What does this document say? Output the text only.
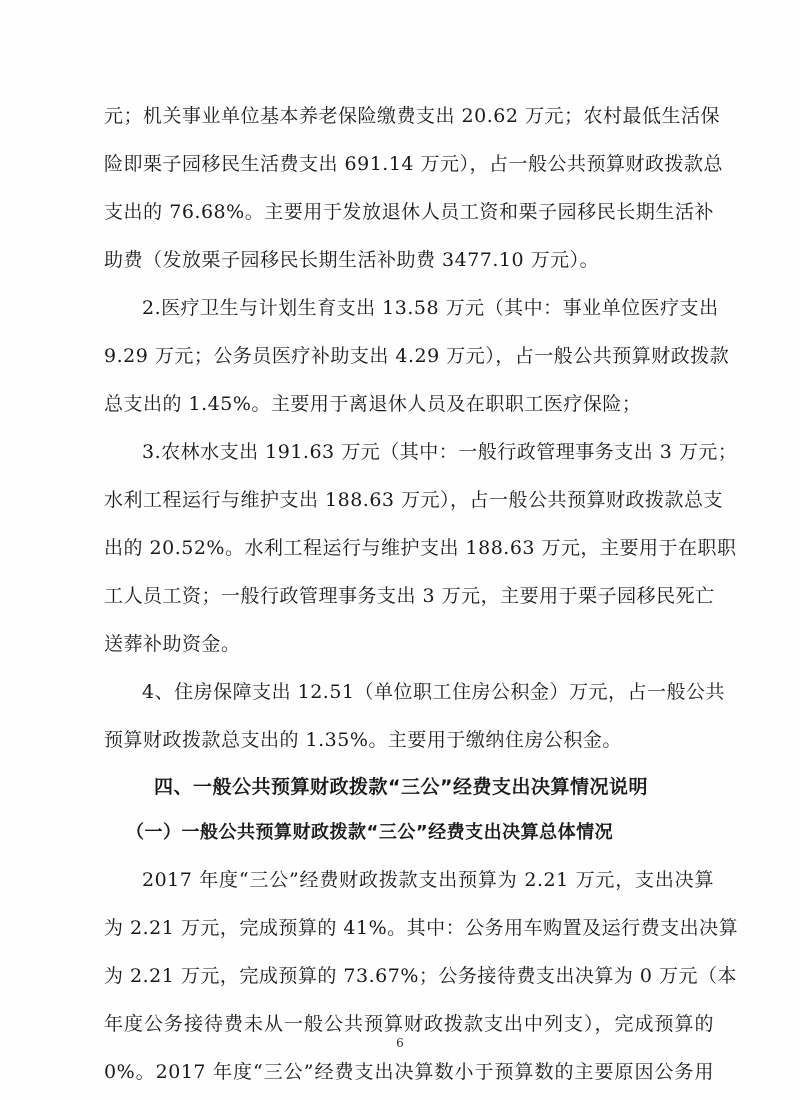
元；机关事业单位基本养老保险缴费支出 20.62 万元；农村最低生活保
险即栗子园移民生活费支出 691.14 万元），占一般公共预算财政拨款总
支出的 76.68%。主要用于发放退休人员工资和栗子园移民长期生活补
助费（发放栗子园移民长期生活补助费 3477.10 万元）。
2.医疗卫生与计划生育支出 13.58 万元（其中：事业单位医疗支出
9.29 万元；公务员医疗补助支出 4.29 万元），占一般公共预算财政拨款
总支出的 1.45%。主要用于离退休人员及在职职工医疗保险；
3.农林水支出 191.63 万元（其中：一般行政管理事务支出 3 万元；
水利工程运行与维护支出 188.63 万元），占一般公共预算财政拨款总支
出的 20.52%。水利工程运行与维护支出 188.63 万元，主要用于在职职
工人员工资；一般行政管理事务支出 3 万元，主要用于栗子园移民死亡
送葬补助资金。
4、住房保障支出 12.51（单位职工住房公积金）万元，占一般公共
预算财政拨款总支出的 1.35%。主要用于缴纳住房公积金。
四、一般公共预算财政拨款“三公”经费支出决算情况说明
（一）一般公共预算财政拨款“三公”经费支出决算总体情况
2017 年度“三公”经费财政拨款支出预算为 2.21 万元，支出决算
为 2.21 万元，完成预算的 41%。其中：公务用车购置及运行费支出决算
为 2.21 万元，完成预算的 73.67%；公务接待费支出决算为 0 万元（本
年度公务接待费未从一般公共预算财政拨款支出中列支），完成预算的
0%。2017 年度“三公”经费支出决算数小于预算数的主要原因公务用
6
